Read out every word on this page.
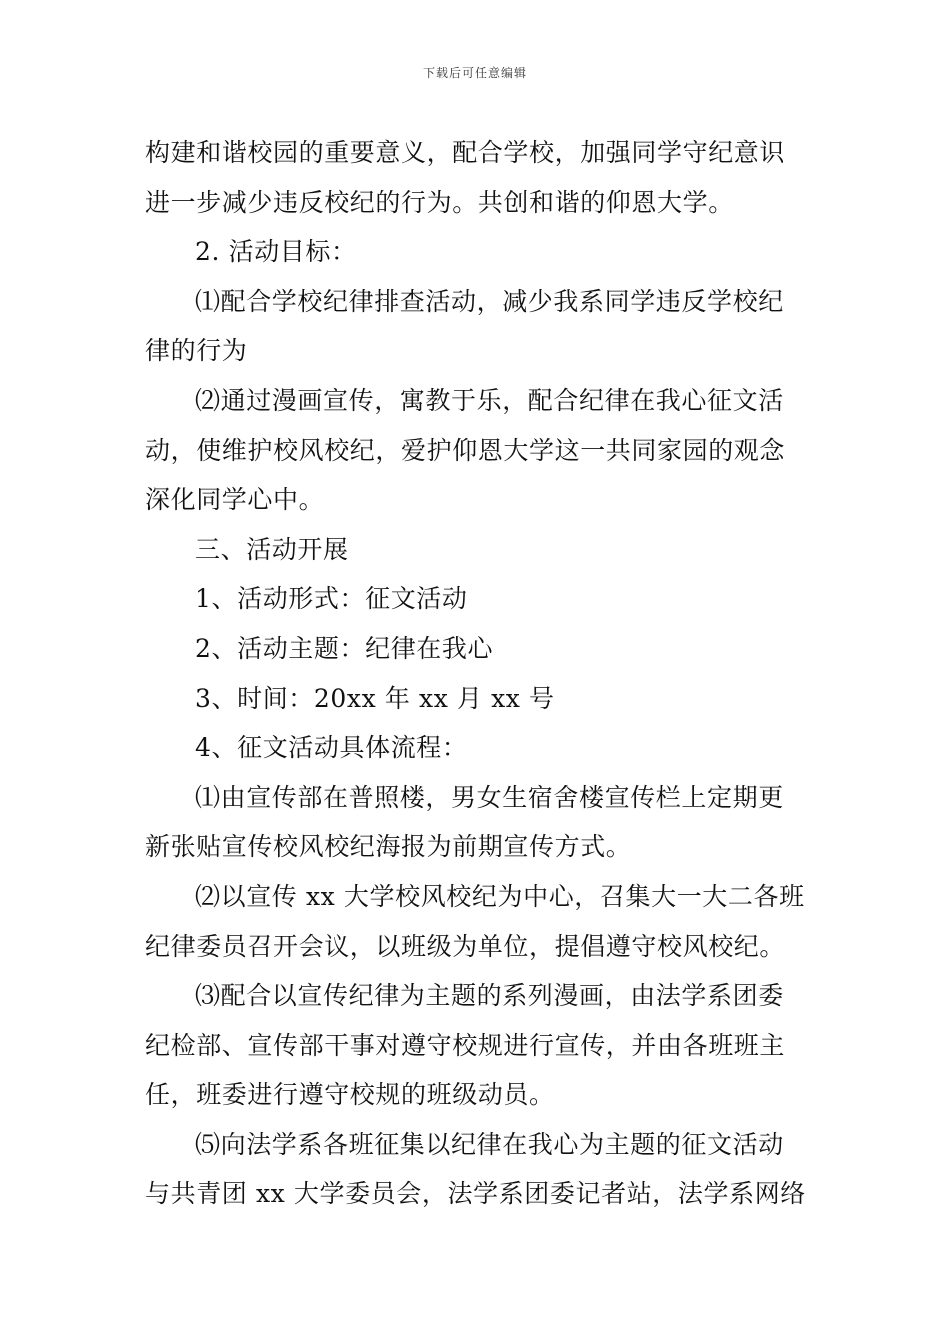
下载后可任意编辑
构建和谐校园的重要意义，配合学校，加强同学守纪意识
进一步减少违反校纪的行为。共创和谐的仰恩大学。
2. 活动目标：
⑴配合学校纪律排查活动，减少我系同学违反学校纪
律的行为
⑵通过漫画宣传，寓教于乐，配合纪律在我心征文活
动，使维护校风校纪，爱护仰恩大学这一共同家园的观念
深化同学心中。
三、活动开展
1、活动形式：征文活动
2、活动主题：纪律在我心
3、时间：20xx 年 xx 月 xx 号
4、征文活动具体流程：
⑴由宣传部在普照楼，男女生宿舍楼宣传栏上定期更
新张贴宣传校风校纪海报为前期宣传方式。
⑵以宣传 xx 大学校风校纪为中心，召集大一大二各班
纪律委员召开会议，以班级为单位，提倡遵守校风校纪。
⑶配合以宣传纪律为主题的系列漫画，由法学系团委
纪检部、宣传部干事对遵守校规进行宣传，并由各班班主
任，班委进行遵守校规的班级动员。
⑸向法学系各班征集以纪律在我心为主题的征文活动
与共青团 xx 大学委员会，法学系团委记者站，法学系网络
